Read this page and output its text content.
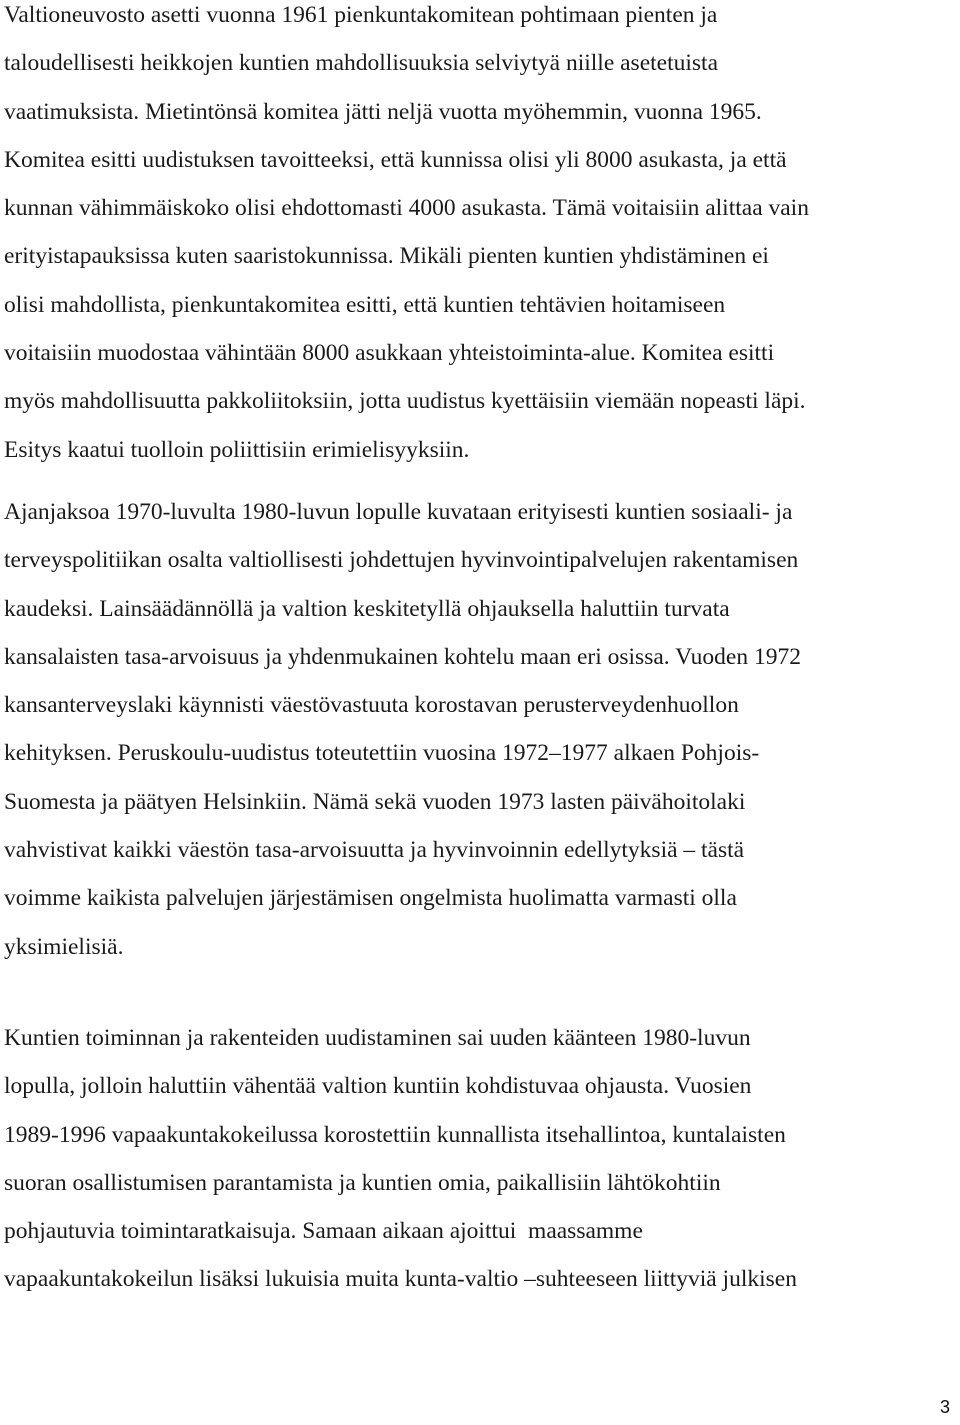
Valtioneuvosto asetti vuonna 1961 pienkuntakomitean pohtimaan pienten ja
taloudellisesti heikkojen kuntien mahdollisuuksia selviytyä niille asetetuista
vaatimuksista. Mietintönsä komitea jätti neljä vuotta myöhemmin, vuonna 1965.
Komitea esitti uudistuksen tavoitteeksi, että kunnissa olisi yli 8000 asukasta, ja että
kunnan vähimmäiskoko olisi ehdottomasti 4000 asukasta. Tämä voitaisiin alittaa vain
erityistapauksissa kuten saaristokunnissa. Mikäli pienten kuntien yhdistäminen ei
olisi mahdollista, pienkuntakomitea esitti, että kuntien tehtävien hoitamiseen
voitaisiin muodostaa vähintään 8000 asukkaan yhteistoiminta-alue. Komitea esitti
myös mahdollisuutta pakkoliitoksiin, jotta uudistus kyettäisiin viemään nopeasti läpi.
Esitys kaatui tuolloin poliittisiin erimielisyyksiin.
Ajanjaksoa 1970-luvulta 1980-luvun lopulle kuvataan erityisesti kuntien sosiaali- ja
terveyspolitiikan osalta valtiollisesti johdettujen hyvinvointipalvelujen rakentamisen
kaudeksi. Lainsäädännöllä ja valtion keskitetyllä ohjauksella haluttiin turvata
kansalaisten tasa-arvoisuus ja yhdenmukainen kohtelu maan eri osissa. Vuoden 1972
kansanterveyslaki käynnisti väestövastuuta korostavan perusterveydenhuollon
kehityksen. Peruskoulu-uudistus toteutettiin vuosina 1972–1977 alkaen Pohjois-
Suomesta ja päätyen Helsinkiin. Nämä sekä vuoden 1973 lasten päivähoitolaki
vahvistivat kaikki väestön tasa-arvoisuutta ja hyvinvoinnin edellytyksiä – tästä
voimme kaikista palvelujen järjestämisen ongelmista huolimatta varmasti olla
yksimielisiä.
Kuntien toiminnan ja rakenteiden uudistaminen sai uuden käänteen 1980-luvun
lopulla, jolloin haluttiin vähentää valtion kuntiin kohdistuvaa ohjausta. Vuosien
1989-1996 vapaakuntakokeilussa korostettiin kunnallista itsehallintoa, kuntalaisten
suoran osallistumisen parantamista ja kuntien omia, paikallisiin lähtökohtiin
pohjautuvia toimintaratkaisuja. Samaan aikaan ajoittui  maassamme
vapaakuntakokeilun lisäksi lukuisia muita kunta-valtio –suhteeseen liittyviä julkisen
3
